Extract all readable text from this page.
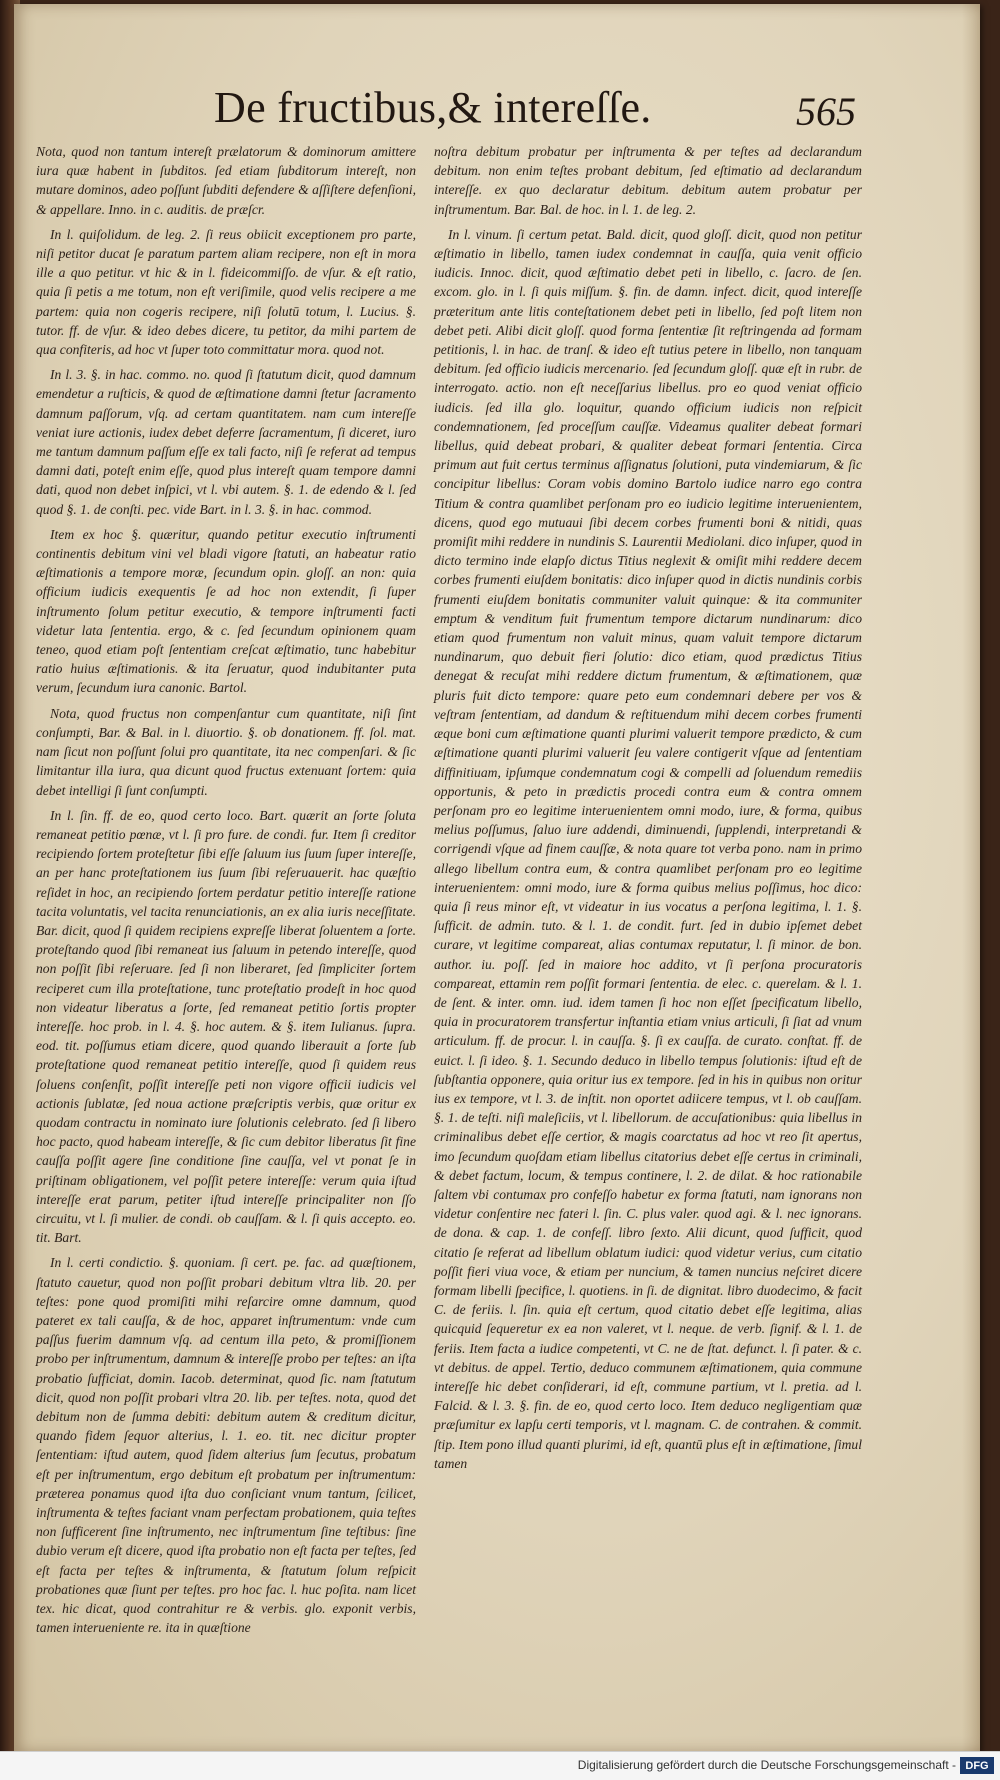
De fructibus,& intereſſe.	565

Nota, quod non tantum intereſt prælatorum & dominorum amittere iura quæ habent in ſubditos. ſed etiam ſubditorum intereſt, non mutare dominos, adeo poſſunt ſubditi defendere & aſſiſtere defenſioni, & appellare. Inno. in c. auditis. de præſcr.

In l. quiſolidum. de leg. 2. ſi reus obiicit exceptionem pro parte, niſi petitor ducat ſe paratum partem aliam recipere, non eſt in mora ille a quo petitur. vt hic & in l. fideicommiſſo. de vſur. & eſt ratio, quia ſi petis a me totum, non eſt veriſimile, quod velis recipere a me partem: quia non cogeris recipere, niſi ſolutū totum, l. Lucius. §. tutor. ff. de vſur. & ideo debes dicere, tu petitor, da mihi partem de qua confiteris, ad hoc vt ſuper toto committatur mora. quod not.

In l. 3. §. in hac. commo. no. quod ſi ſtatutum dicit, quod damnum emendetur a ruſticis, & quod de æſtimatione damni ſtetur ſacramento damnum paſſorum, vſq. ad certam quantitatem. nam cum intereſſe veniat iure actionis, iudex debet deferre ſacramentum, ſi diceret, iuro me tantum damnum paſſum eſſe ex tali facto, niſi ſe referat ad tempus damni dati, poteſt enim eſſe, quod plus intereſt quam tempore damni dati, quod non debet inſpici, vt l. vbi autem. §. 1. de edendo & l. ſed quod §. 1. de conſti. pec. vide Bart. in l. 3. §. in hac. commod.

Item ex hoc §. quæritur, quando petitur executio inſtrumenti continentis debitum vini vel bladi vigore ſtatuti, an habeatur ratio æſtimationis a tempore moræ, ſecundum opin. gloſſ. an non: quia officium iudicis exequentis ſe ad hoc non extendit, ſi ſuper inſtrumento ſolum petitur executio, & tempore inſtrumenti facti videtur lata ſententia. ergo, & c. ſed ſecundum opinionem quam teneo, quod etiam poſt ſententiam creſcat æſtimatio, tunc habebitur ratio huius æſtimationis. & ita ſeruatur, quod indubitanter puta verum, ſecundum iura canonic. Bartol.

Nota, quod fructus non compenſantur cum quantitate, niſi ſint conſumpti, Bar. & Bal. in l. diuortio. §. ob donationem. ff. ſol. mat. nam ſicut non poſſunt ſolui pro quantitate, ita nec compenſari. & ſic limitantur illa iura, qua dicunt quod fructus extenuant ſortem: quia debet intelligi ſi ſunt conſumpti.

In l. ſin. ff. de eo, quod certo loco. Bart. quærit an ſorte ſoluta remaneat petitio pœnæ, vt l. ſi pro fure. de condi. fur. Item ſi creditor recipiendo ſortem proteſtetur ſibi eſſe ſaluum ius ſuum ſuper intereſſe, an per hanc proteſtationem ius ſuum ſibi reſeruauerit. hac quæſtio reſidet in hoc, an recipiendo ſortem perdatur petitio intereſſe ratione tacita voluntatis, vel tacita renunciationis, an ex alia iuris neceſſitate. Bar. dicit, quod ſi quidem recipiens expreſſe liberat ſoluentem a ſorte. proteſtando quod ſibi remaneat ius ſaluum in petendo intereſſe, quod non poſſit ſibi reſeruare. ſed ſi non liberaret, ſed ſimpliciter ſortem reciperet cum illa proteſtatione, tunc proteſtatio prodeſt in hoc quod non videatur liberatus a ſorte, ſed remaneat petitio ſortis propter intereſſe. hoc prob. in l. 4. §. hoc autem. & §. item Iulianus. ſupra. eod. tit. poſſumus etiam dicere, quod quando liberauit a ſorte ſub proteſtatione quod remaneat petitio intereſſe, quod ſi quidem reus ſoluens conſenſit, poſſit intereſſe peti non vigore officii iudicis vel actionis ſublatæ, ſed noua actione præſcriptis verbis, quæ oritur ex quodam contractu in nominato iure ſolutionis celebrato. ſed ſi libero hoc pacto, quod habeam intereſſe, & ſic cum debitor liberatus ſit fine cauſſa poſſit agere ſine conditione ſine cauſſa, vel vt ponat ſe in priſtinam obligationem, vel poſſit petere intereſſe: verum quia iſtud intereſſe erat parum, petiter iſtud intereſſe principaliter non ſſo circuitu, vt l. ſi mulier. de condi. ob cauſſam. & l. ſi quis accepto. eo. tit. Bart.

In l. certi condictio. §. quoniam. ſi cert. pe. fac. ad quæſtionem, ſtatuto cauetur, quod non poſſit probari debitum vltra lib. 20. per teſtes: pone quod promiſiti mihi reſarcire omne damnum, quod pateret ex tali cauſſa, & de hoc, apparet inſtrumentum: vnde cum paſſus fuerim damnum vſq. ad centum illa peto, & promiſſionem probo per inſtrumentum, damnum & intereſſe probo per teſtes: an iſta probatio ſufficiat, domin. Iacob. determinat, quod ſic. nam ſtatutum dicit, quod non poſſit probari vltra 20. lib. per teſtes. nota, quod det debitum non de ſumma debiti: debitum autem & creditum dicitur, quando fidem ſequor alterius, l. 1. eo. tit. nec dicitur propter ſententiam: iſtud autem, quod ſidem alterius ſum ſecutus, probatum eſt per inſtrumentum, ergo debitum eſt probatum per inſtrumentum: præterea ponamus quod iſta duo conſiciant vnum tantum, ſcilicet, inſtrumenta & teſtes faciant vnam perfectam probationem, quia teſtes non ſufficerent ſine inſtrumento, nec inſtrumentum ſine teſtibus: ſine dubio verum eſt dicere, quod iſta probatio non eſt facta per teſtes, ſed eſt facta per teſtes & inſtrumenta, & ſtatutum ſolum reſpicit probationes quæ ſiunt per teſtes. pro hoc fac. l. huc poſita. nam licet tex. hic dicat, quod contrahitur re & verbis. glo. exponit verbis, tamen interueniente re. ita in quæſtione

noſtra debitum probatur per inſtrumenta & per teſtes ad declarandum debitum. non enim teſtes probant debitum, ſed eſtimatio ad declarandum intereſſe. ex quo declaratur debitum. debitum autem probatur per inſtrumentum. Bar. Bal. de hoc. in l. 1. de leg. 2.

In l. vinum. ſi certum petat. Bald. dicit, quod gloſſ. dicit, quod non petitur æſtimatio in libello, tamen iudex condemnat in cauſſa, quia venit officio iudicis. Innoc. dicit, quod æſtimatio debet peti in libello, c. ſacro. de ſen. excom. glo. in l. ſi quis miſſum. §. fin. de damn. infect. dicit, quod intereſſe præteritum ante litis conteſtationem debet peti in libello, ſed poſt litem non debet peti. Alibi dicit gloſſ. quod forma ſententiæ ſit reſtringenda ad formam petitionis, l. in hac. de tranſ. & ideo eſt tutius petere in libello, non tanquam debitum. ſed officio iudicis mercenario. ſed ſecundum gloſſ. quæ eſt in rubr. de interrogato. actio. non eſt neceſſarius libellus. pro eo quod veniat officio iudicis. ſed illa glo. loquitur, quando officium iudicis non reſpicit condemnationem, ſed proceſſum cauſſæ. Videamus qualiter debeat formari libellus, quid debeat probari, & qualiter debeat formari ſententia. Circa primum aut fuit certus terminus aſſignatus ſolutioni, puta vindemiarum, & ſic concipitur libellus: Coram vobis domino Bartolo iudice narro ego contra Titium & contra quamlibet perſonam pro eo iudicio legitime interuenientem, dicens, quod ego mutuaui ſibi decem corbes frumenti boni & nitidi, quas promiſit mihi reddere in nundinis S. Laurentii Mediolani. dico inſuper, quod in dicto termino inde elapſo dictus Titius neglexit & omiſit mihi reddere decem corbes frumenti eiuſdem bonitatis: dico inſuper quod in dictis nundinis corbis frumenti eiuſdem bonitatis communiter valuit quinque: & ita communiter emptum & venditum fuit frumentum tempore dictarum nundinarum: dico etiam quod frumentum non valuit minus, quam valuit tempore dictarum nundinarum, quo debuit fieri ſolutio: dico etiam, quod prædictus Titius denegat & recuſat mihi reddere dictum frumentum, & æſtimationem, quæ pluris fuit dicto tempore: quare peto eum condemnari debere per vos & veſtram ſententiam, ad dandum & reſtituendum mihi decem corbes frumenti æque boni cum æſtimatione quanti plurimi valuerit tempore prædicto, & cum æſtimatione quanti plurimi valuerit ſeu valere contigerit vſque ad ſententiam diffinitiuam, ipſumque condemnatum cogi & compelli ad ſoluendum remediis opportunis, & peto in prædictis procedi contra eum & contra omnem perſonam pro eo legitime interuenientem omni modo, iure, & forma, quibus melius poſſumus, ſaluo iure addendi, diminuendi, ſupplendi, interpretandi & corrigendi vſque ad finem cauſſæ, & nota quare tot verba pono. nam in primo allego libellum contra eum, & contra quamlibet perſonam pro eo legitime interuenientem: omni modo, iure & forma quibus melius poſſimus, hoc dico: quia ſi reus minor eſt, vt videatur in ius vocatus a perſona legitima, l. 1. §. ſufficit. de admin. tuto. & l. 1. de condit. furt. ſed in dubio ipſemet debet curare, vt legitime compareat, alias contumax reputatur, l. ſi minor. de bon. author. iu. poſſ. ſed in maiore hoc addito, vt ſi perſona procuratoris compareat, ettamin rem poſſit formari ſententia. de elec. c. querelam. & l. 1. de ſent. & inter. omn. iud. idem tamen ſi hoc non eſſet ſpecificatum libello, quia in procuratorem transfertur inſtantia etiam vnius articuli, ſi ſiat ad vnum articulum. ff. de procur. l. in cauſſa. §. ſi ex cauſſa. de curato. conſtat. ff. de euict. l. ſi ideo. §. 1. Secundo deduco in libello tempus ſolutionis: iſtud eſt de ſubſtantia opponere, quia oritur ius ex tempore. ſed in his in quibus non oritur ius ex tempore, vt l. 3. de inſtit. non oportet adiicere tempus, vt l. ob cauſſam. §. 1. de teſti. niſi maleſiciis, vt l. libellorum. de accuſationibus: quia libellus in criminalibus debet eſſe certior, & magis coarctatus ad hoc vt reo ſit apertus, imo ſecundum quoſdam etiam libellus citatorius debet eſſe certus in criminali, & debet factum, locum, & tempus continere, l. 2. de dilat. & hoc rationabile ſaltem vbi contumax pro confeſſo habetur ex forma ſtatuti, nam ignorans non videtur conſentire nec fateri l. ſin. C. plus valer. quod agi. & l. nec ignorans. de dona. & cap. 1. de confeſſ. libro ſexto. Alii dicunt, quod ſufficit, quod citatio ſe referat ad libellum oblatum iudici: quod videtur verius, cum citatio poſſit fieri viua voce, & etiam per nuncium, & tamen nuncius neſciret dicere formam libelli ſpecifice, l. quotiens. in ſi. de dignitat. libro duodecimo, & facit C. de feriis. l. ſin. quia eſt certum, quod citatio debet eſſe legitima, alias quicquid ſequeretur ex ea non valeret, vt l. neque. de verb. ſignif. & l. 1. de feriis. Item facta a iudice competenti, vt C. ne de ſtat. defunct. l. ſi pater. & c. vt debitus. de appel. Tertio, deduco communem æſtimationem, quia commune intereſſe hic debet conſiderari, id eſt, commune partium, vt l. pretia. ad l. Falcid. & l. 3. §. fin. de eo, quod certo loco. Item deduco negligentiam quæ præſumitur ex lapſu certi temporis, vt l. magnam. C. de contrahen. & commit. ſtip. Item pono illud quanti plurimi, id eſt, quantū plus eſt in æſtimatione, ſimul tamen

Digitalisierung gefördert durch die Deutsche Forschungsgemeinschaft - DFG
